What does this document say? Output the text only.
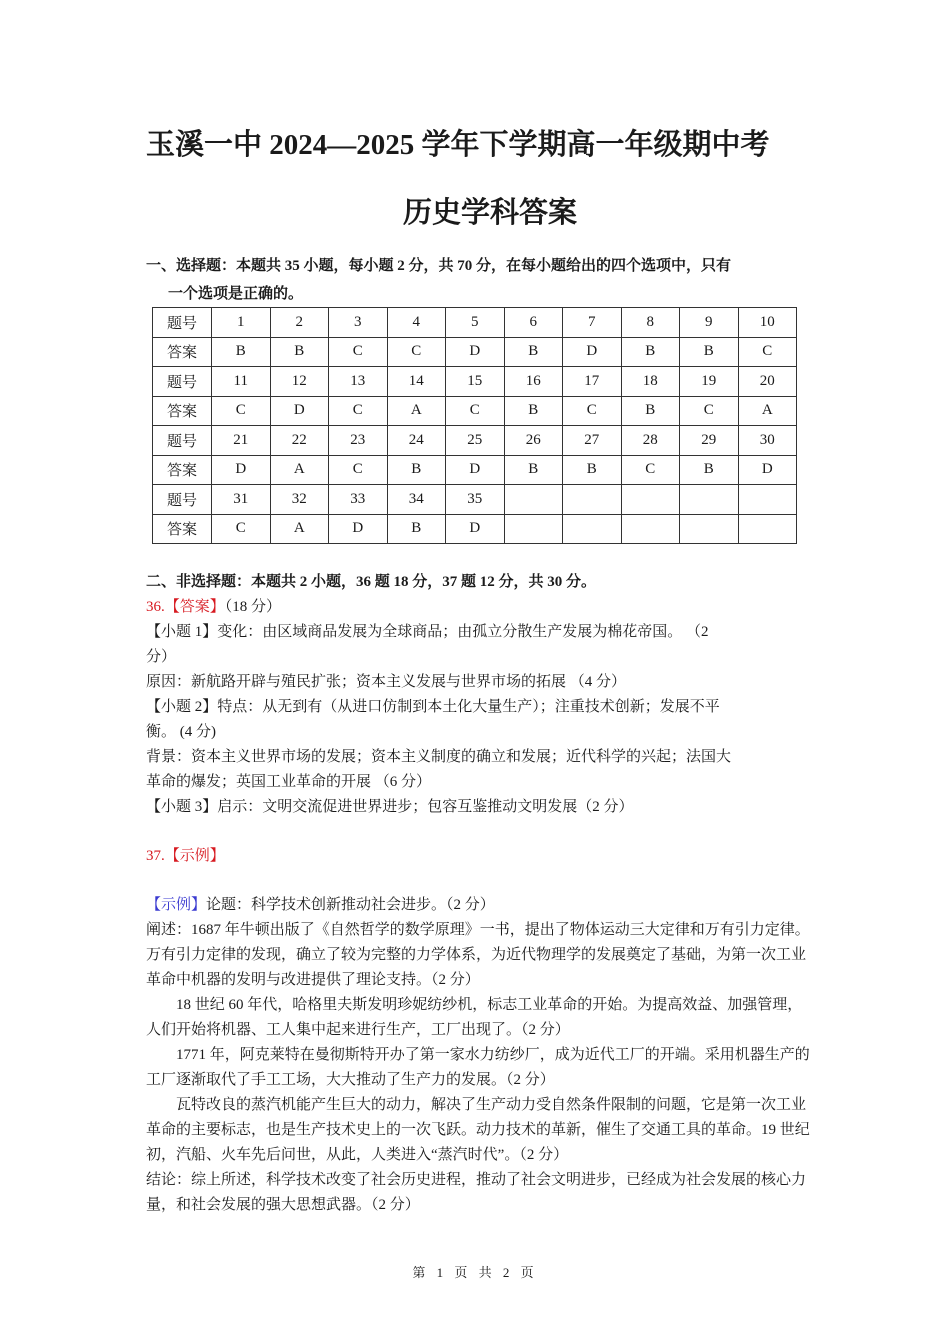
玉溪一中 2024—2025 学年下学期高一年级期中考
历史学科答案
一、选择题：本题共 35 小题，每小题 2 分，共 70 分，在每小题给出的四个选项中，只有
一个选项是正确的。
题号	1	2	3	4	5	6	7	8	9	10
答案	B	B	C	C	D	B	D	B	B	C
题号	11	12	13	14	15	16	17	18	19	20
答案	C	D	C	A	C	B	C	B	C	A
题号	21	22	23	24	25	26	27	28	29	30
答案	D	A	C	B	D	B	B	C	B	D
题号	31	32	33	34	35					
答案	C	A	D	B	D					
二、非选择题：本题共 2 小题，36 题 18 分，37 题 12 分，共 30 分。

36.【答案】（18 分）

【小题 1】变化：由区域商品发展为全球商品；由孤立分散生产发展为棉花帝国。 （2

分）

原因：新航路开辟与殖民扩张；资本主义发展与世界市场的拓展 （4 分）

【小题 2】特点：从无到有（从进口仿制到本土化大量生产）；注重技术创新；发展不平

衡。 (4 分)

背景：资本主义世界市场的发展；资本主义制度的确立和发展；近代科学的兴起；法国大

革命的爆发；英国工业革命的开展 （6 分）

【小题 3】启示：文明交流促进世界进步；包容互鉴推动文明发展（2 分）

37.【示例】

【示例】论题：科学技术创新推动社会进步。（2 分）

阐述：1687 年牛顿出版了《自然哲学的数学原理》一书，提出了物体运动三大定律和万有引力定律。万有引力定律的发现，确立了较为完整的力学体系，为近代物理学的发展奠定了基础，为第一次工业革命中机器的发明与改进提供了理论支持。（2 分）

18 世纪 60 年代，哈格里夫斯发明珍妮纺纱机，标志工业革命的开始。为提高效益、加强管理，人们开始将机器、工人集中起来进行生产，工厂出现了。（2 分）

1771 年，阿克莱特在曼彻斯特开办了第一家水力纺纱厂，成为近代工厂的开端。采用机器生产的工厂逐渐取代了手工工场，大大推动了生产力的发展。（2 分）

瓦特改良的蒸汽机能产生巨大的动力，解决了生产动力受自然条件限制的问题，它是第一次工业革命的主要标志，也是生产技术史上的一次飞跃。动力技术的革新，催生了交通工具的革命。19 世纪初，汽船、火车先后问世，从此，人类进入“蒸汽时代”。（2 分）

结论：综上所述，科学技术改变了社会历史进程，推动了社会文明进步，已经成为社会发展的核心力量，和社会发展的强大思想武器。（2 分）

第 1 页 共 2 页
